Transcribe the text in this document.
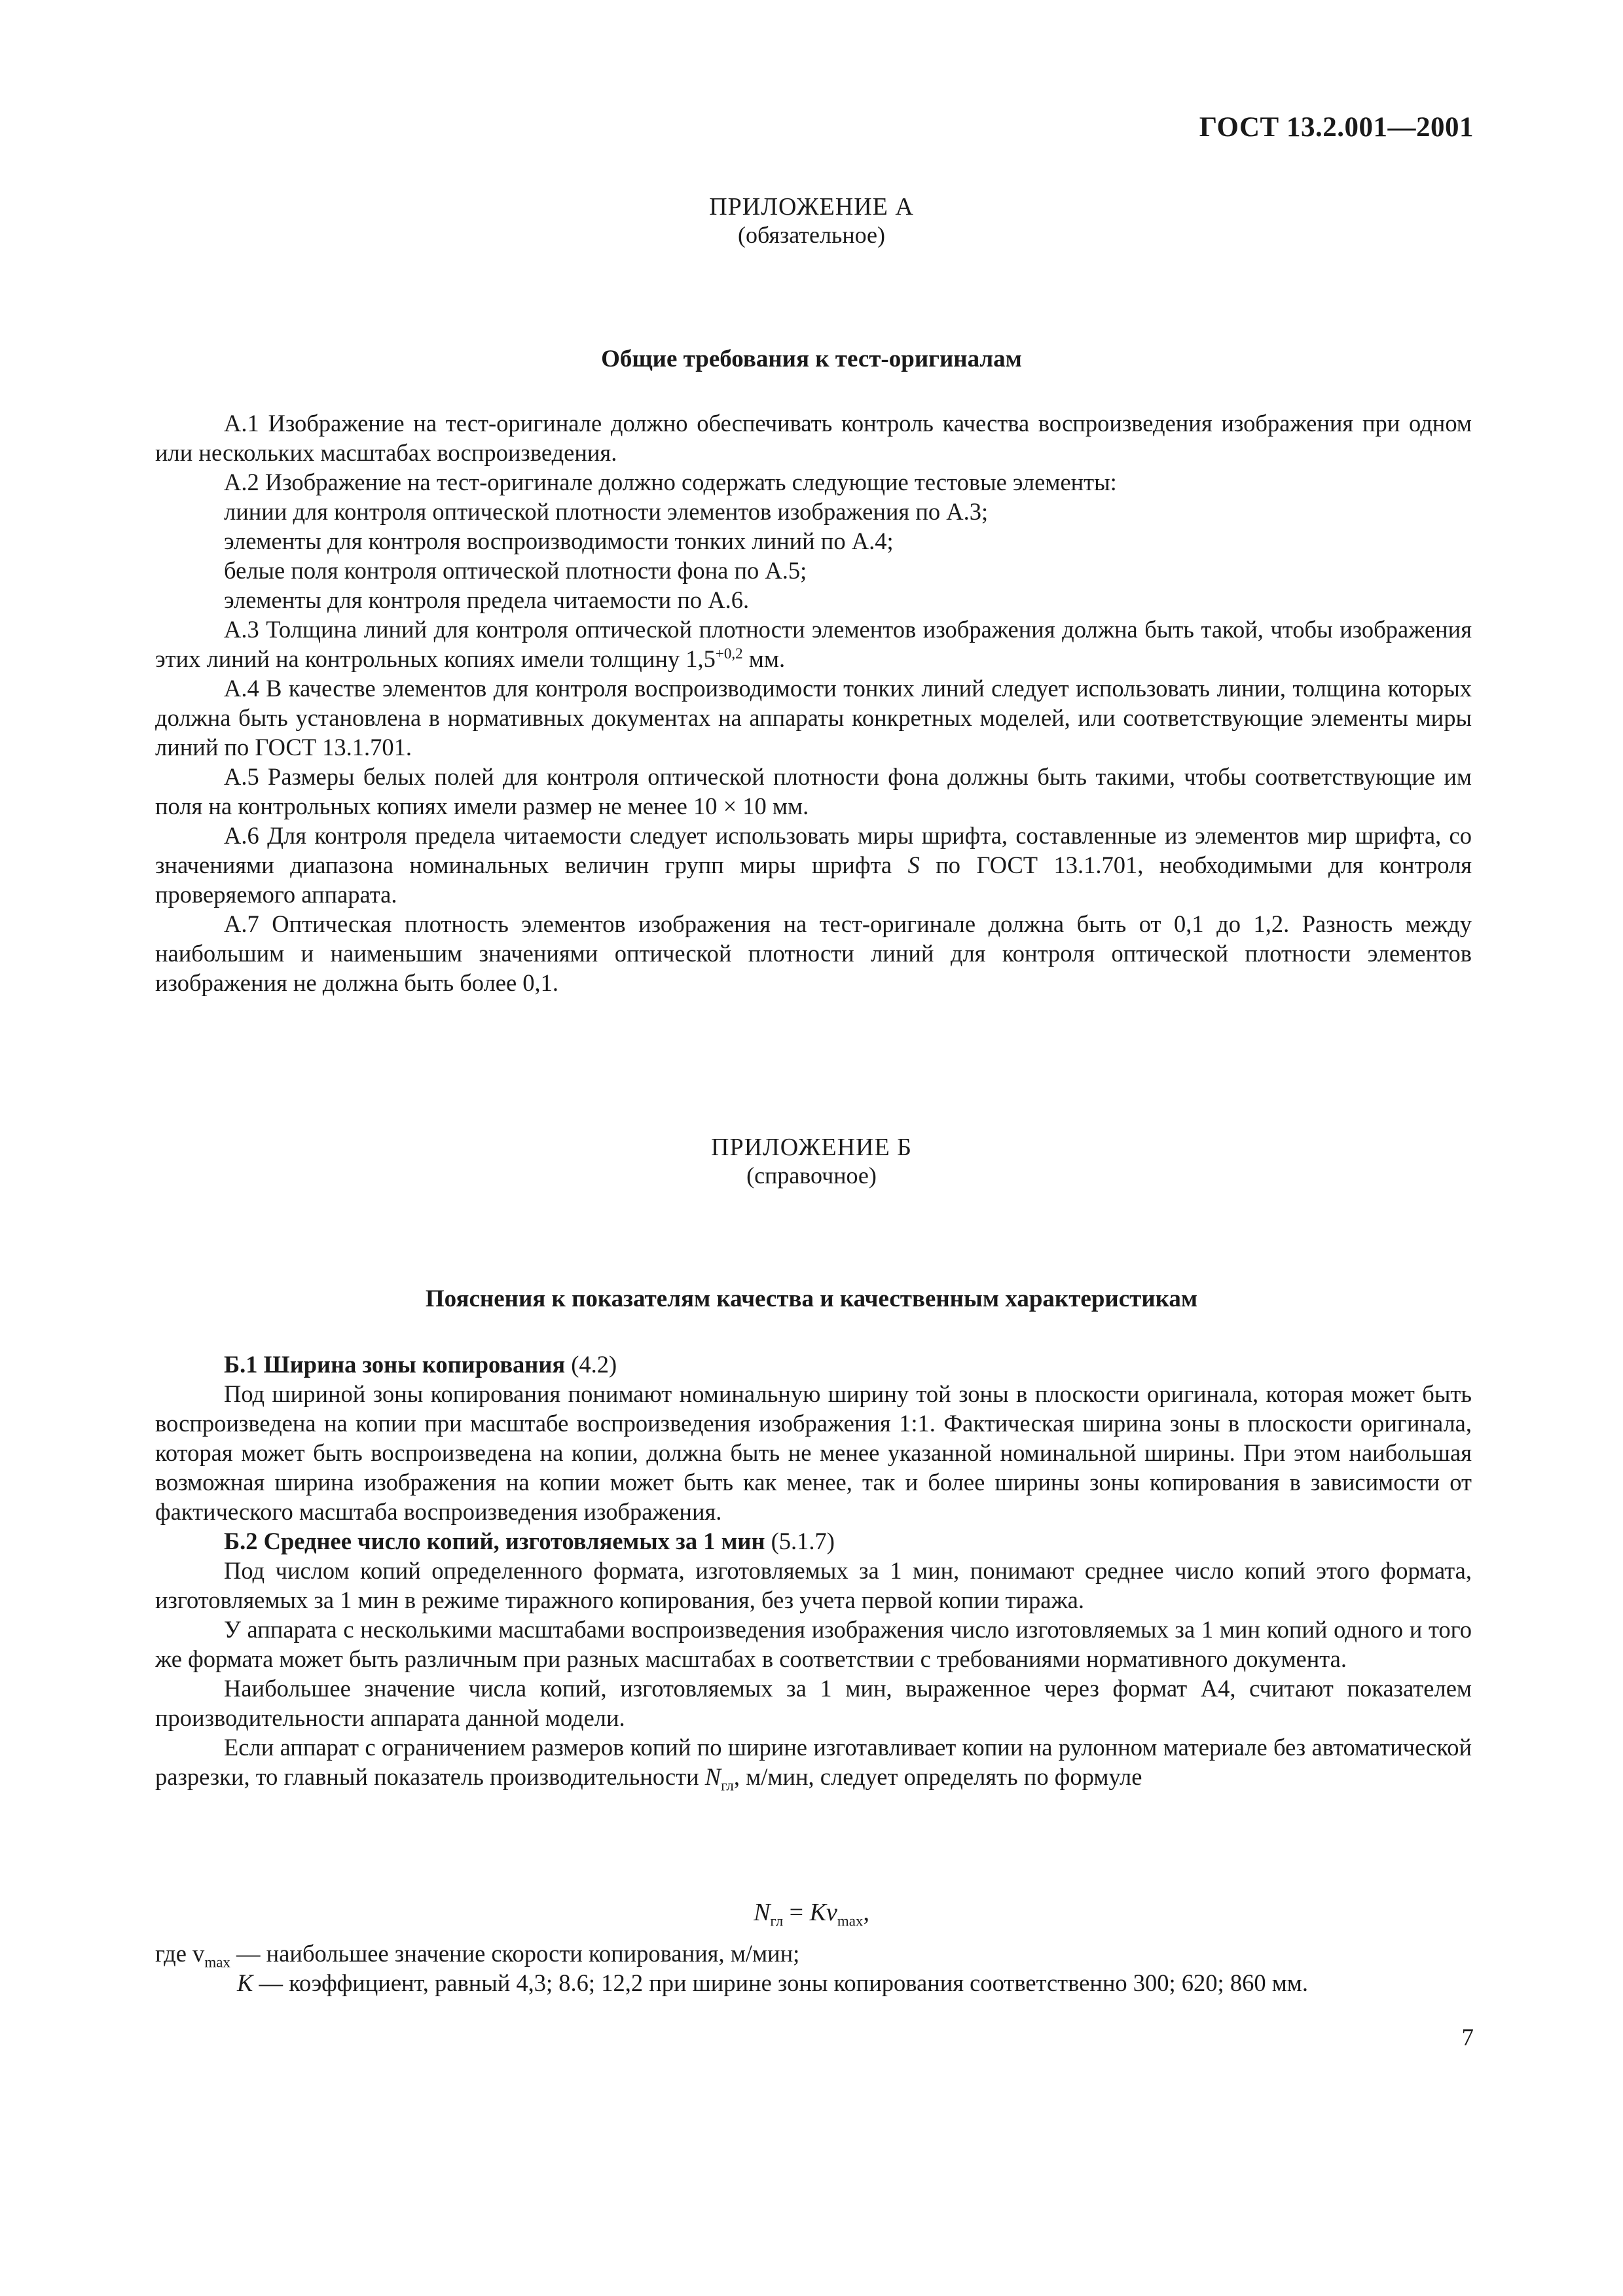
ГОСТ 13.2.001—2001
ПРИЛОЖЕНИЕ А
(обязательное)
Общие требования к тест-оригиналам

А.1 Изображение на тест-оригинале должно обеспечивать контроль качества воспроизведения изображения при одном или нескольких масштабах воспроизведения.

А.2 Изображение на тест-оригинале должно содержать следующие тестовые элементы:

линии для контроля оптической плотности элементов изображения по А.3;

элементы для контроля воспроизводимости тонких линий по А.4;

белые поля контроля оптической плотности фона по А.5;

элементы для контроля предела читаемости по А.6.

А.3 Толщина линий для контроля оптической плотности элементов изображения должна быть такой, чтобы изображения этих линий на контрольных копиях имели толщину $1,5^{+0,2}$ мм.

А.4 В качестве элементов для контроля воспроизводимости тонких линий следует использовать линии, толщина которых должна быть установлена в нормативных документах на аппараты конкретных моделей, или соответствующие элементы миры линий по ГОСТ 13.1.701.

А.5 Размеры белых полей для контроля оптической плотности фона должны быть такими, чтобы соответствующие им поля на контрольных копиях имели размер не менее 10 × 10 мм.

А.6 Для контроля предела читаемости следует использовать миры шрифта, составленные из элементов мир шрифта, со значениями диапазона номинальных величин групп миры шрифта S по ГОСТ 13.1.701, необходимыми для контроля проверяемого аппарата.

А.7 Оптическая плотность элементов изображения на тест-оригинале должна быть от 0,1 до 1,2. Разность между наибольшим и наименьшим значениями оптической плотности линий для контроля оптической плотности элементов изображения не должна быть более 0,1.

ПРИЛОЖЕНИЕ Б
(справочное)
Пояснения к показателям качества и качественным характеристикам

Б.1 Ширина зоны копирования (4.2)

Под шириной зоны копирования понимают номинальную ширину той зоны в плоскости оригинала, которая может быть воспроизведена на копии при масштабе воспроизведения изображения 1:1. Фактическая ширина зоны в плоскости оригинала, которая может быть воспроизведена на копии, должна быть не менее указанной номинальной ширины. При этом наибольшая возможная ширина изображения на копии может быть как менее, так и более ширины зоны копирования в зависимости от фактического масштаба воспроизведения изображения.

Б.2 Среднее число копий, изготовляемых за 1 мин (5.1.7)

Под числом копий определенного формата, изготовляемых за 1 мин, понимают среднее число копий этого формата, изготовляемых за 1 мин в режиме тиражного копирования, без учета первой копии тиража.

У аппарата с несколькими масштабами воспроизведения изображения число изготовляемых за 1 мин копий одного и того же формата может быть различным при разных масштабах в соответствии с требованиями нормативного документа.

Наибольшее значение числа копий, изготовляемых за 1 мин, выраженное через формат А4, считают показателем производительности аппарата данной модели.

Если аппарат с ограничением размеров копий по ширине изготавливает копии на рулонном материале без автоматической разрезки, то главный показатель производительности $N_{гл}$, м/мин, следует определять по формуле

$N_{гл} = Kv_{max}$,

где $v_{max}$ — наибольшее значение скорости копирования, м/мин;

K — коэффициент, равный 4,3; 8.6; 12,2 при ширине зоны копирования соответственно 300; 620; 860 мм.

7
